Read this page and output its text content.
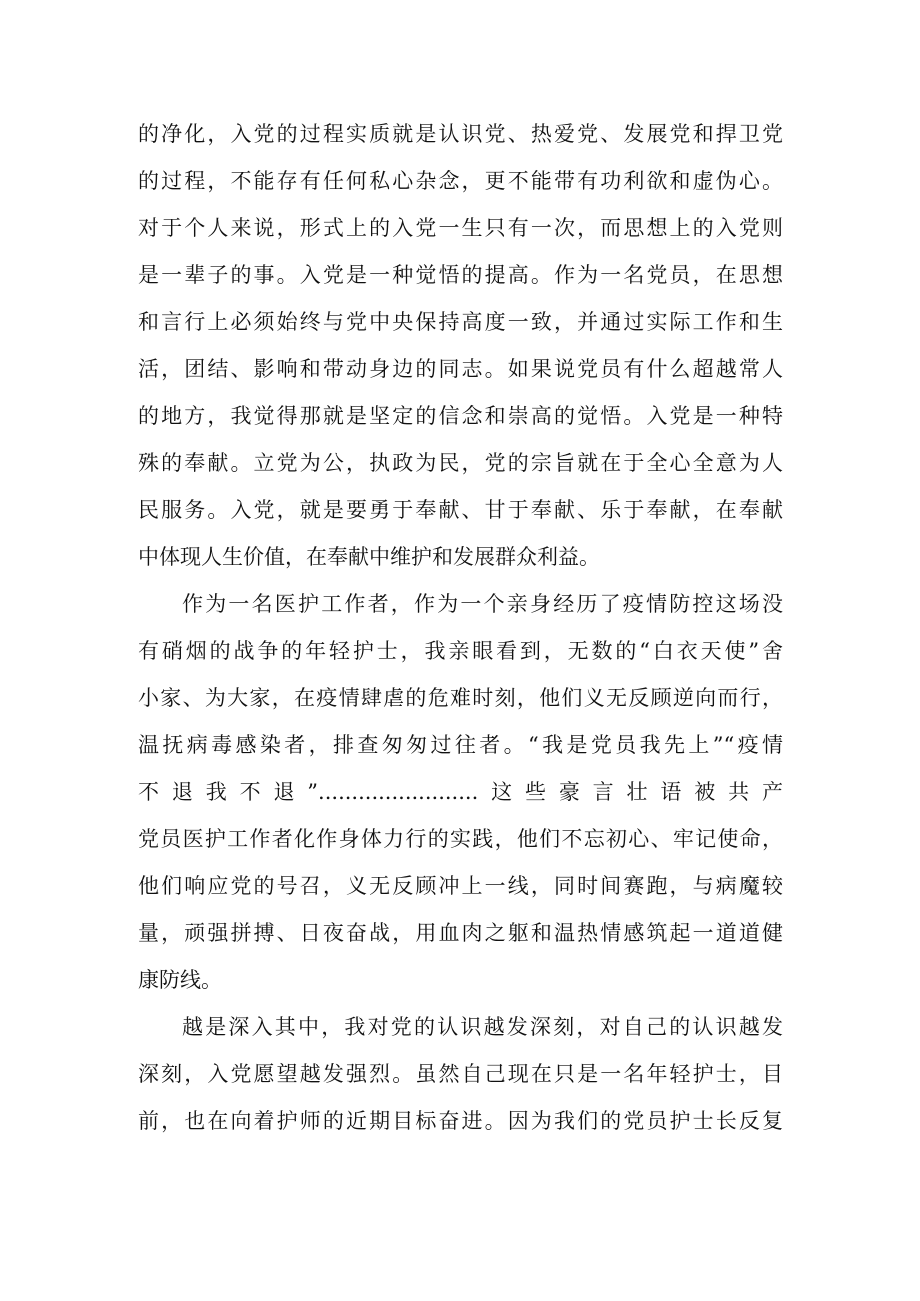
的净化，入党的过程实质就是认识党、热爱党、发展党和捍卫党
的过程，不能存有任何私心杂念，更不能带有功利欲和虚伪心。
对于个人来说，形式上的入党一生只有一次，而思想上的入党则
是一辈子的事。入党是一种觉悟的提高。作为一名党员，在思想
和言行上必须始终与党中央保持高度一致，并通过实际工作和生
活，团结、影响和带动身边的同志。如果说党员有什么超越常人
的地方，我觉得那就是坚定的信念和崇高的觉悟。入党是一种特
殊的奉献。立党为公，执政为民，党的宗旨就在于全心全意为人
民服务。入党，就是要勇于奉献、甘于奉献、乐于奉献，在奉献
中体现人生价值，在奉献中维护和发展群众利益。
作为一名医护工作者，作为一个亲身经历了疫情防控这场没
有硝烟的战争的年轻护士，我亲眼看到，无数的“白衣天使”舍
小家、为大家，在疫情肆虐的危难时刻，他们义无反顾逆向而行，
温抚病毒感染者，排查匆匆过往者。“我是党员我先上”“疫情
不退我不退”........................这些豪言壮语被共产
党员医护工作者化作身体力行的实践，他们不忘初心、牢记使命，
他们响应党的号召，义无反顾冲上一线，同时间赛跑，与病魔较
量，顽强拼搏、日夜奋战，用血肉之躯和温热情感筑起一道道健
康防线。
越是深入其中，我对党的认识越发深刻，对自己的认识越发
深刻，入党愿望越发强烈。虽然自己现在只是一名年轻护士，目
前，也在向着护师的近期目标奋进。因为我们的党员护士长反复
